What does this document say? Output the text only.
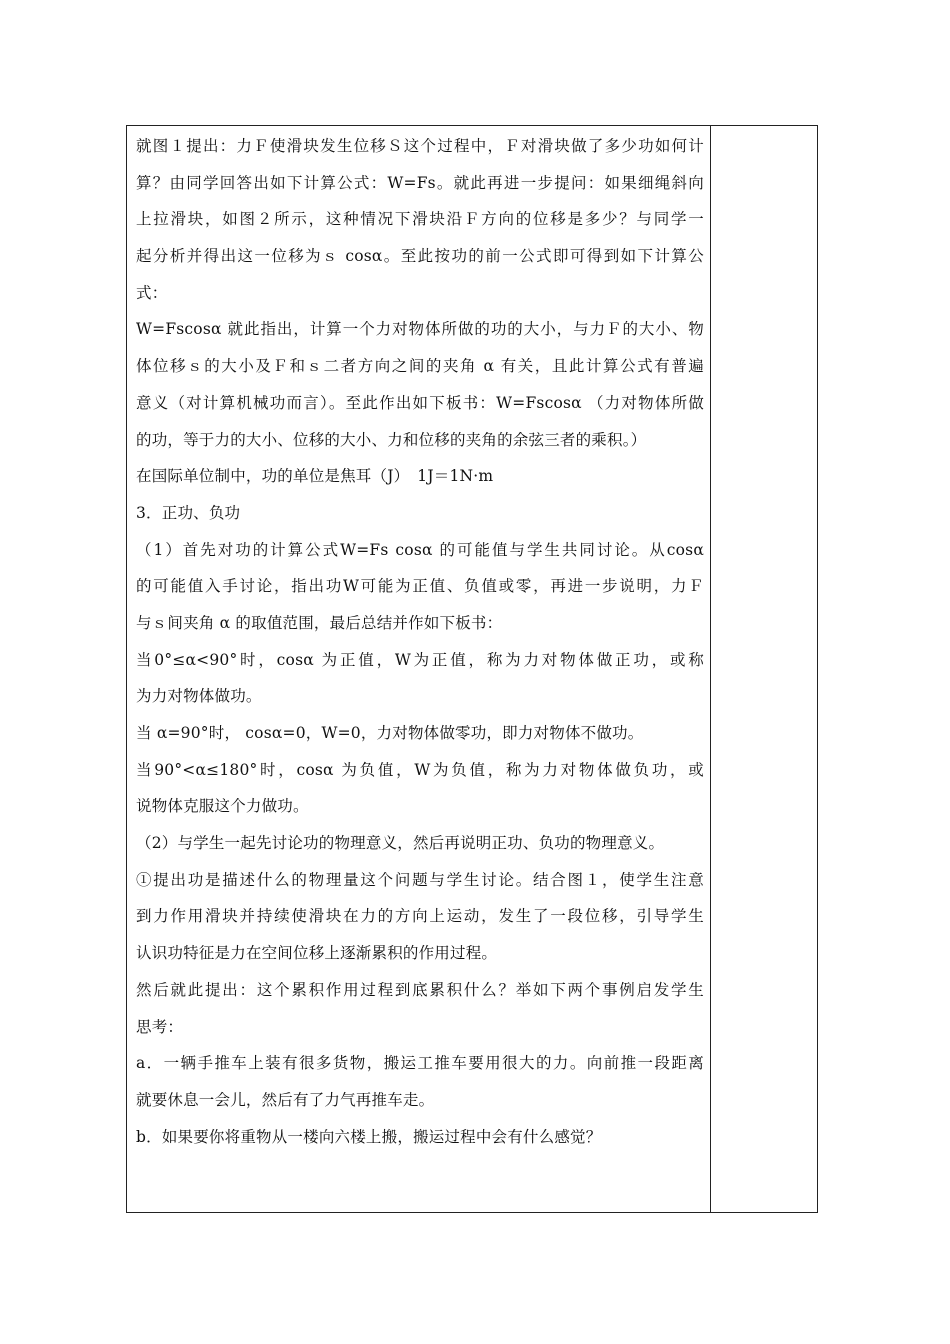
就图１提出：力Ｆ使滑块发生位移Ｓ这个过程中，Ｆ对滑块做了多少功如何计
算？由同学回答出如下计算公式：W=Fs。就此再进一步提问：如果细绳斜向
上拉滑块，如图２所示，这种情况下滑块沿Ｆ方向的位移是多少？与同学一
起分析并得出这一位移为ｓ cosα。至此按功的前一公式即可得到如下计算公
式：
W=Fscosα 就此指出，计算一个力对物体所做的功的大小，与力Ｆ的大小、物
体位移ｓ的大小及Ｆ和ｓ二者方向之间的夹角 α 有关，且此计算公式有普遍
意义（对计算机械功而言）。至此作出如下板书：W=Fscosα （力对物体所做
的功，等于力的大小、位移的大小、力和位移的夹角的余弦三者的乘积。）
在国际单位制中，功的单位是焦耳（J）　1J＝1N·m
3．正功、负功
（1）首先对功的计算公式W=Fs cosα 的可能值与学生共同讨论。从cosα
的可能值入手讨论，指出功W可能为正值、负值或零，再进一步说明，力Ｆ
与ｓ间夹角 α 的取值范围，最后总结并作如下板书：
当0°≤α<90°时，cosα 为正值，W为正值，称为力对物体做正功，或称
为力对物体做功。
当 α=90°时， cosα=0，W=0，力对物体做零功，即力对物体不做功。
当90°<α≤180°时，cosα 为负值，W为负值，称为力对物体做负功，或
说物体克服这个力做功。
（2）与学生一起先讨论功的物理意义，然后再说明正功、负功的物理意义。
①提出功是描述什么的物理量这个问题与学生讨论。结合图１，使学生注意
到力作用滑块并持续使滑块在力的方向上运动，发生了一段位移，引导学生
认识功特征是力在空间位移上逐渐累积的作用过程。
然后就此提出：这个累积作用过程到底累积什么？举如下两个事例启发学生
思考：
a．一辆手推车上装有很多货物，搬运工推车要用很大的力。向前推一段距离
就要休息一会儿，然后有了力气再推车走。
b．如果要你将重物从一楼向六楼上搬，搬运过程中会有什么感觉？
